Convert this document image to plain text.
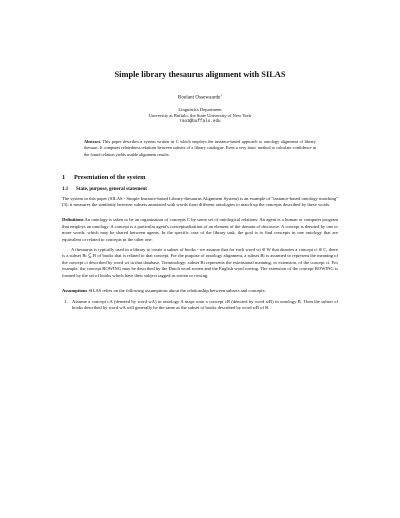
Simple library thesaurus alignment with SILAS
Roelant Ossewaarde$^1$
Linguistics Department
University at Buffalo, the State University of New York
rao3@buffalo.edu
Abstract. This paper describes a system written in C which employs the instance-based approach to ontology alignment of library thesauri. It computes relatedness relations between subsets of a library catalogue. Even a very basic method to calculate confidence in the found relation yields usable alignment results.
1 Presentation of the system
1.1 State, purpose, general statement

The system in this paper (SILAS - Simple Instance-based Library-thesaurus Alignment System) is an example of "instance-based ontology matching" [3]; it measures the similarity between subsets annotated with words from different ontologies to match up the concepts described by these words.

Definitions An ontology is taken to be an organization of concepts C by some set of ontological relations. An agent is a human or computer program that employs an ontology. A concept is a particular agent's conceptualization of an element of the domain of discourse. A concept is denoted by one or more words, which may be shared between agents. In the specific case of the library task, the goal is to find concepts in one ontology that are equivalent or related to concepts in the other one.

A thesaurus is typically used in a library to create a subset of books - we assume that for each word wi ∈ W that denotes a concept ci ∈ C, there is a subset Bi ⊆ B of books that is related to that concept. For the purpose of ontology alignment, a subset Bi is assumed to represent the meaning of the concept ci described by word wi in that database. Terminology: subset Bi represents the extensional meaning, or extension, of the concept ci. For example, the concept ROWING may be described by the Dutch word roeien and the English word rowing. The extension of the concept ROWING is formed by the set of books which have their subject tagged as roeien or rowing.

Assumptions SILAS relies on the following assumptions about the relationship between subsets and concepts:

1. Assume a concept cA (denoted by word wA) in ontology A maps onto a concept cB (denoted by word wB) in ontology B. Then the subset of books described by word wA will generally be the same as the subset of books described by word wB of B.
